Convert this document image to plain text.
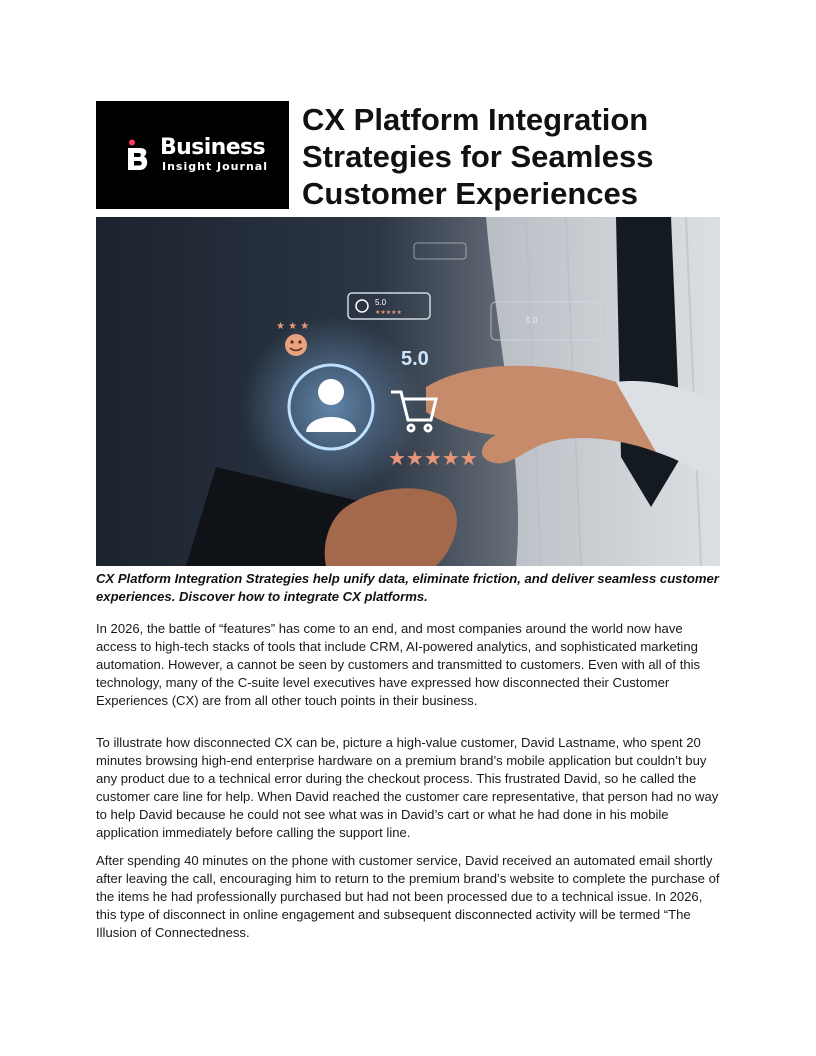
Business
Insight Journal
CX Platform Integration Strategies for Seamless Customer Experiences
5.0
★★★★★
★ ★ ★
5.0
★★★★★
5.0

CX Platform Integration Strategies help unify data, eliminate friction, and deliver seamless customer experiences. Discover how to integrate CX platforms.

In 2026, the battle of “features” has come to an end, and most companies around the world now have access to high-tech stacks of tools that include CRM, AI-powered analytics, and sophisticated marketing automation. However, a cannot be seen by customers and transmitted to customers. Even with all of this technology, many of the C-suite level executives have expressed how disconnected their Customer Experiences (CX) are from all other touch points in their business.

To illustrate how disconnected CX can be, picture a high-value customer, David Lastname, who spent 20 minutes browsing high-end enterprise hardware on a premium brand’s mobile application but couldn’t buy any product due to a technical error during the checkout process. This frustrated David, so he called the customer care line for help. When David reached the customer care representative, that person had no way to help David because he could not see what was in David’s cart or what he had done in his mobile application immediately before calling the support line.

After spending 40 minutes on the phone with customer service, David received an automated email shortly after leaving the call, encouraging him to return to the premium brand’s website to complete the purchase of the items he had professionally purchased but had not been processed due to a technical issue. In 2026, this type of disconnect in online engagement and subsequent disconnected activity will be termed “The Illusion of Connectedness.
